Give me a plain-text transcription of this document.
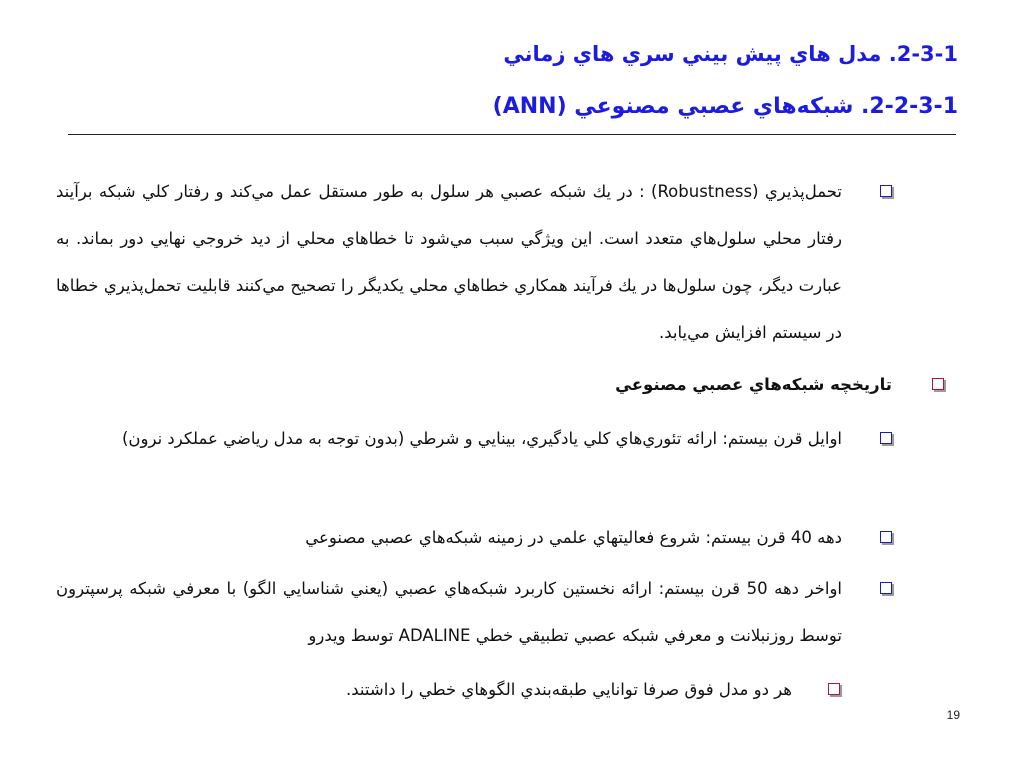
2-3-1. مدل هاي پيش بيني سري هاي زماني
2-2-3-1. شبکه‌هاي عصبي مصنوعي (ANN)
تحمل‌پذيري (Robustness) : در يك شبكه عصبي هر سلول به طور مستقل عمل مي‌كند و رفتار كلي شبكه برآيند رفتار محلي سلول‌هاي متعدد است. اين ويژگي سبب مي‌شود تا خطاهاي محلي از ديد خروجي نهايي دور بماند. به عبارت ديگر، چون سلول‌ها در يك فرآيند همكاري خطاهاي محلي يكديگر را تصحيح مي‌كنند قابليت تحمل‌پذيري خطاها در سيستم افزايش مي‌يابد.
تاريخچه شبكه‌هاي عصبي مصنوعي
اوايل قرن بيستم: ارائه تئوري‌هاي كلي يادگيري، بينايي و شرطي (بدون توجه به مدل رياضي عملكرد نرون)
دهه 40 قرن بيستم: شروع فعاليتهاي علمي در زمينه شبكه‌هاي عصبي مصنوعي
اواخر دهه 50 قرن بيستم: ارائه نخستين كاربرد شبكه‌هاي عصبي (يعني شناسايي الگو) با معرفي شبكه پرسپترون توسط روزنبلانت و معرفي شبكه عصبي تطبيقي خطي ADALINE توسط ويدرو
هر دو مدل فوق صرفا توانايي طبقه‌بندي الگوهاي خطي را داشتند.
19
